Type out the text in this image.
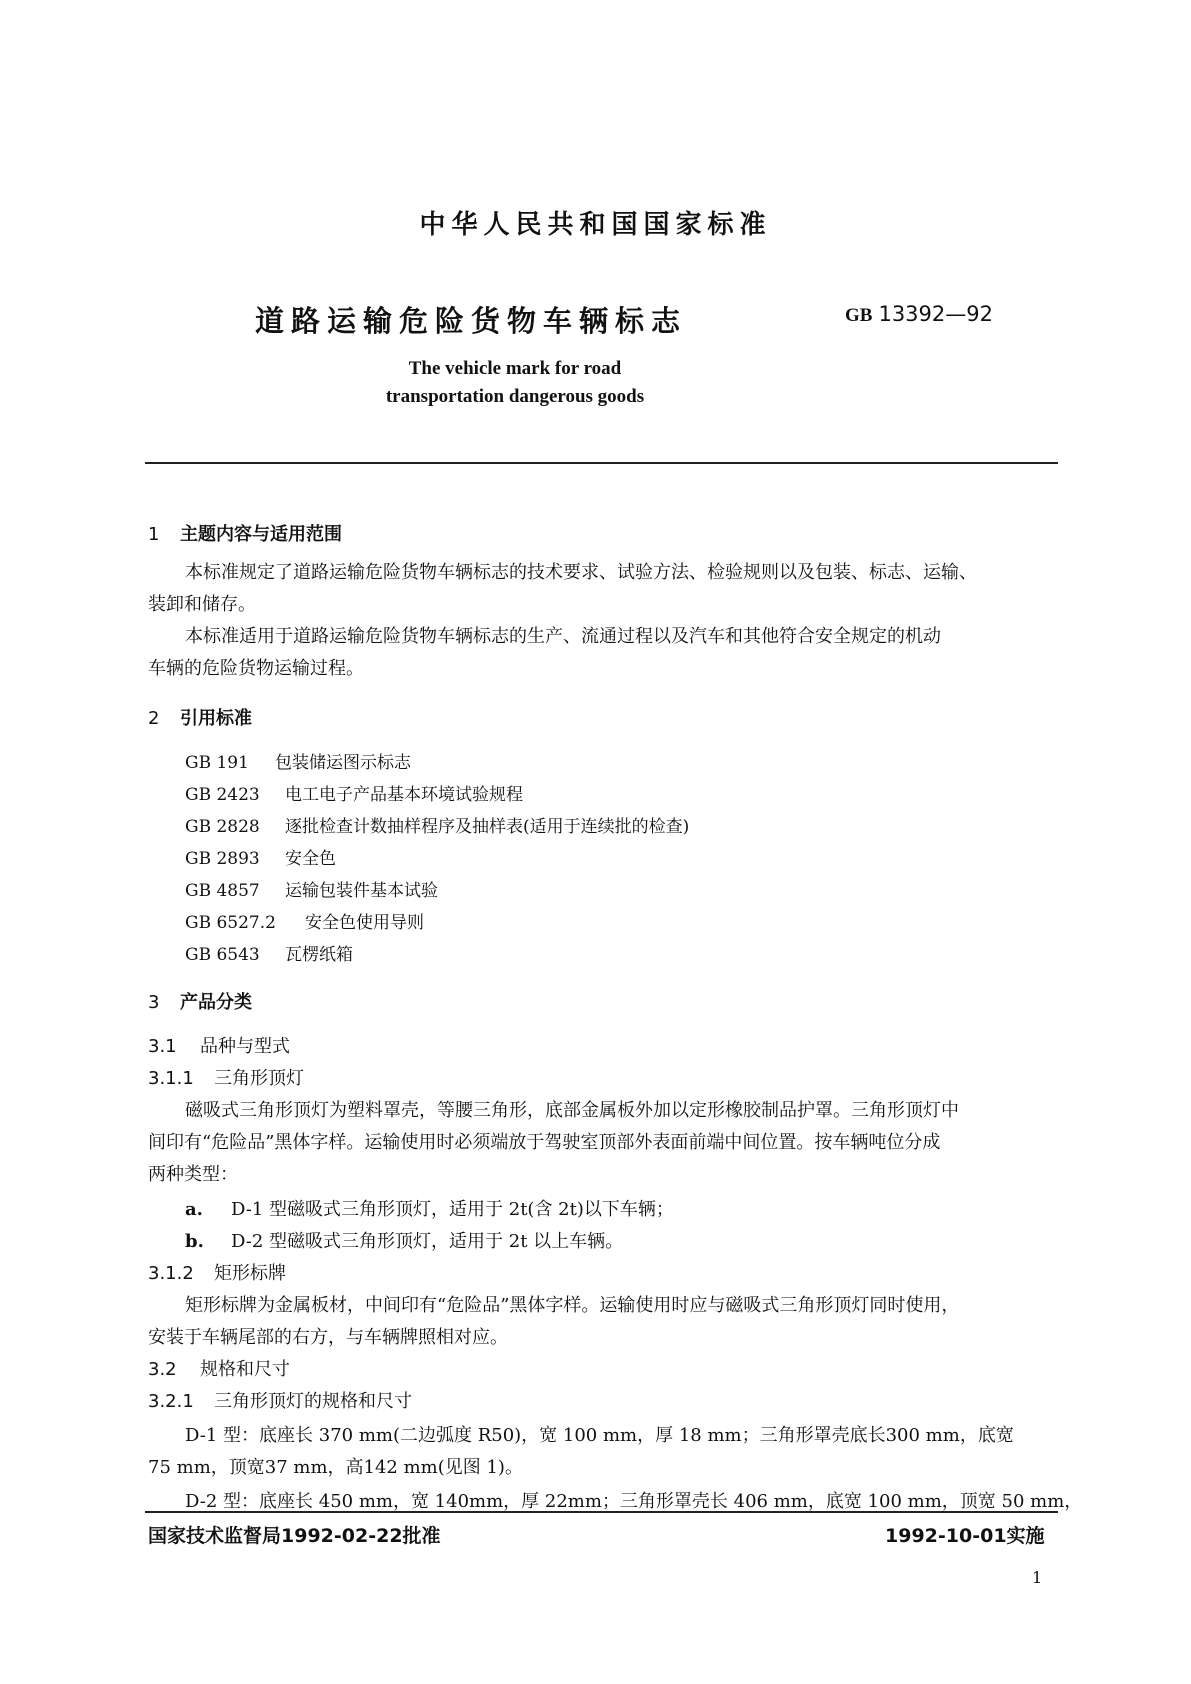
中华人民共和国国家标准
道路运输危险货物车辆标志	GB 13392—92
The vehicle mark for road
transportation dangerous goods
1 主题内容与适用范围
本标准规定了道路运输危险货物车辆标志的技术要求、试验方法、检验规则以及包装、标志、运输、
装卸和储存。
本标准适用于道路运输危险货物车辆标志的生产、流通过程以及汽车和其他符合安全规定的机动
车辆的危险货物运输过程。
2 引用标准
GB 191 包装储运图示标志
GB 2423 电工电子产品基本环境试验规程
GB 2828 逐批检查计数抽样程序及抽样表(适用于连续批的检查)
GB 2893 安全色
GB 4857 运输包装件基本试验
GB 6527.2 安全色使用导则
GB 6543 瓦楞纸箱
3 产品分类
3.1 品种与型式
3.1.1 三角形顶灯
磁吸式三角形顶灯为塑料罩壳，等腰三角形，底部金属板外加以定形橡胶制品护罩。三角形顶灯中
间印有“危险品”黑体字样。运输使用时必须端放于驾驶室顶部外表面前端中间位置。按车辆吨位分成
两种类型：
a. D-1 型磁吸式三角形顶灯，适用于 2t(含 2t)以下车辆；
b. D-2 型磁吸式三角形顶灯，适用于 2t 以上车辆。
3.1.2 矩形标牌
矩形标牌为金属板材，中间印有“危险品”黑体字样。运输使用时应与磁吸式三角形顶灯同时使用，
安装于车辆尾部的右方，与车辆牌照相对应。
3.2 规格和尺寸
3.2.1 三角形顶灯的规格和尺寸
D-1 型：底座长 370 mm(二边弧度 R50)，宽 100 mm，厚 18 mm；三角形罩壳底长300 mm，底宽
75 mm，顶宽37 mm，高142 mm(见图 1)。
D-2 型：底座长 450 mm，宽 140mm，厚 22mm；三角形罩壳长 406 mm，底宽 100 mm，顶宽 50 mm，
国家技术监督局1992-02-22批准	1992-10-01实施
1
